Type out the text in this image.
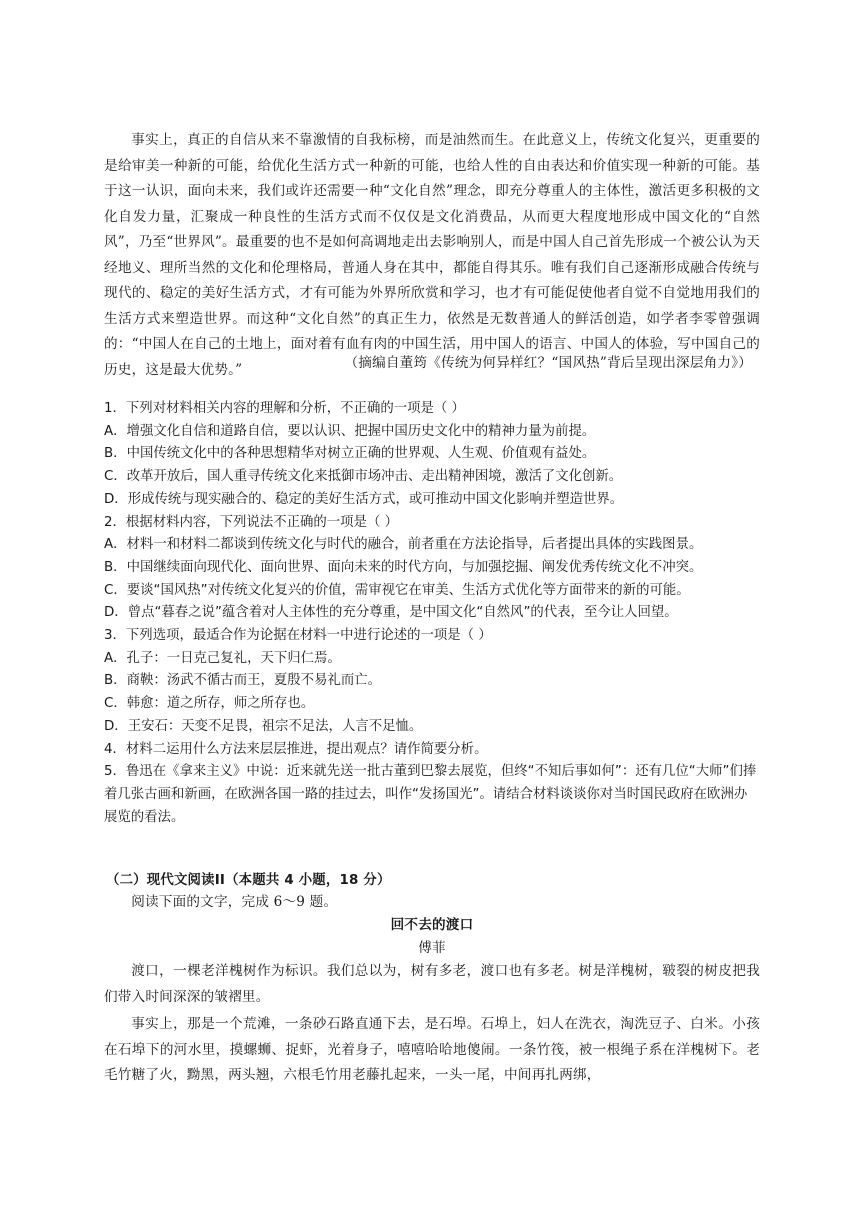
事实上，真正的自信从来不靠激情的自我标榜，而是油然而生。在此意义上，传统文化复兴，更重要的是给审美一种新的可能，给优化生活方式一种新的可能，也给人性的自由表达和价值实现一种新的可能。基于这一认识，面向未来，我们或许还需要一种“文化自然”理念，即充分尊重人的主体性，激活更多积极的文化自发力量，汇聚成一种良性的生活方式而不仅仅是文化消费品，从而更大程度地形成中国文化的“自然风”，乃至“世界风”。最重要的也不是如何高调地走出去影响别人，而是中国人自己首先形成一个被公认为天经地义、理所当然的文化和伦理格局，普通人身在其中，都能自得其乐。唯有我们自己逐渐形成融合传统与现代的、稳定的美好生活方式，才有可能为外界所欣赏和学习，也才有可能促使他者自觉不自觉地用我们的生活方式来塑造世界。而这种“文化自然”的真正生力，依然是无数普通人的鲜活创造，如学者李零曾强调的：“中国人在自己的土地上，面对着有血有肉的中国生活，用中国人的语言、中国人的体验，写中国自己的历史，这是最大优势。”	（摘编自董筠《传统为何异样红？“国风热”背后呈现出深层角力》）

1．下列对材料相关内容的理解和分析，不正确的一项是（ ）

A．增强文化自信和道路自信，要以认识、把握中国历史文化中的精神力量为前提。

B．中国传统文化中的各种思想精华对树立正确的世界观、人生观、价值观有益处。

C．改革开放后，国人重寻传统文化来抵御市场冲击、走出精神困境，激活了文化创新。

D．形成传统与现实融合的、稳定的美好生活方式，或可推动中国文化影响并塑造世界。

2．根据材料内容，下列说法不正确的一项是（ ）

A．材料一和材料二都谈到传统文化与时代的融合，前者重在方法论指导，后者提出具体的实践图景。

B．中国继续面向现代化、面向世界、面向未来的时代方向，与加强挖掘、阐发优秀传统文化不冲突。

C．要谈“国风热”对传统文化复兴的价值，需审视它在审美、生活方式优化等方面带来的新的可能。

D．曾点“暮春之说”蕴含着对人主体性的充分尊重，是中国文化“自然风”的代表，至今让人回望。

3．下列选项，最适合作为论据在材料一中进行论述的一项是（ ）

A．孔子：一日克己复礼，天下归仁焉。

B．商鞅：汤武不循古而王，夏殷不易礼而亡。

C．韩愈：道之所存，师之所存也。

D．王安石：天变不足畏，祖宗不足法，人言不足恤。

4．材料二运用什么方法来层层推进，提出观点？请作简要分析。

5．鲁迅在《拿来主义》中说：近来就先送一批古董到巴黎去展览，但终“不知后事如何”：还有几位“大师”们捧着几张古画和新画，在欧洲各国一路的挂过去，叫作“发扬国光”。请结合材料谈谈你对当时国民政府在欧洲办展览的看法。

（二）现代文阅读II（本题共 4 小题，18 分）

阅读下面的文字，完成 6～9 题。

回不去的渡口

傅菲

渡口，一棵老洋槐树作为标识。我们总以为，树有多老，渡口也有多老。树是洋槐树，皲裂的树皮把我们带入时间深深的皱褶里。

事实上，那是一个荒滩，一条砂石路直通下去，是石埠。石埠上，妇人在洗衣，淘洗豆子、白米。小孩在石埠下的河水里，摸螺蛳、捉虾，光着身子，嘻嘻哈哈地傻闹。一条竹筏，被一根绳子系在洋槐树下。老毛竹糖了火，黝黑，两头翘，六根毛竹用老藤扎起来，一头一尾，中间再扎两绑，
